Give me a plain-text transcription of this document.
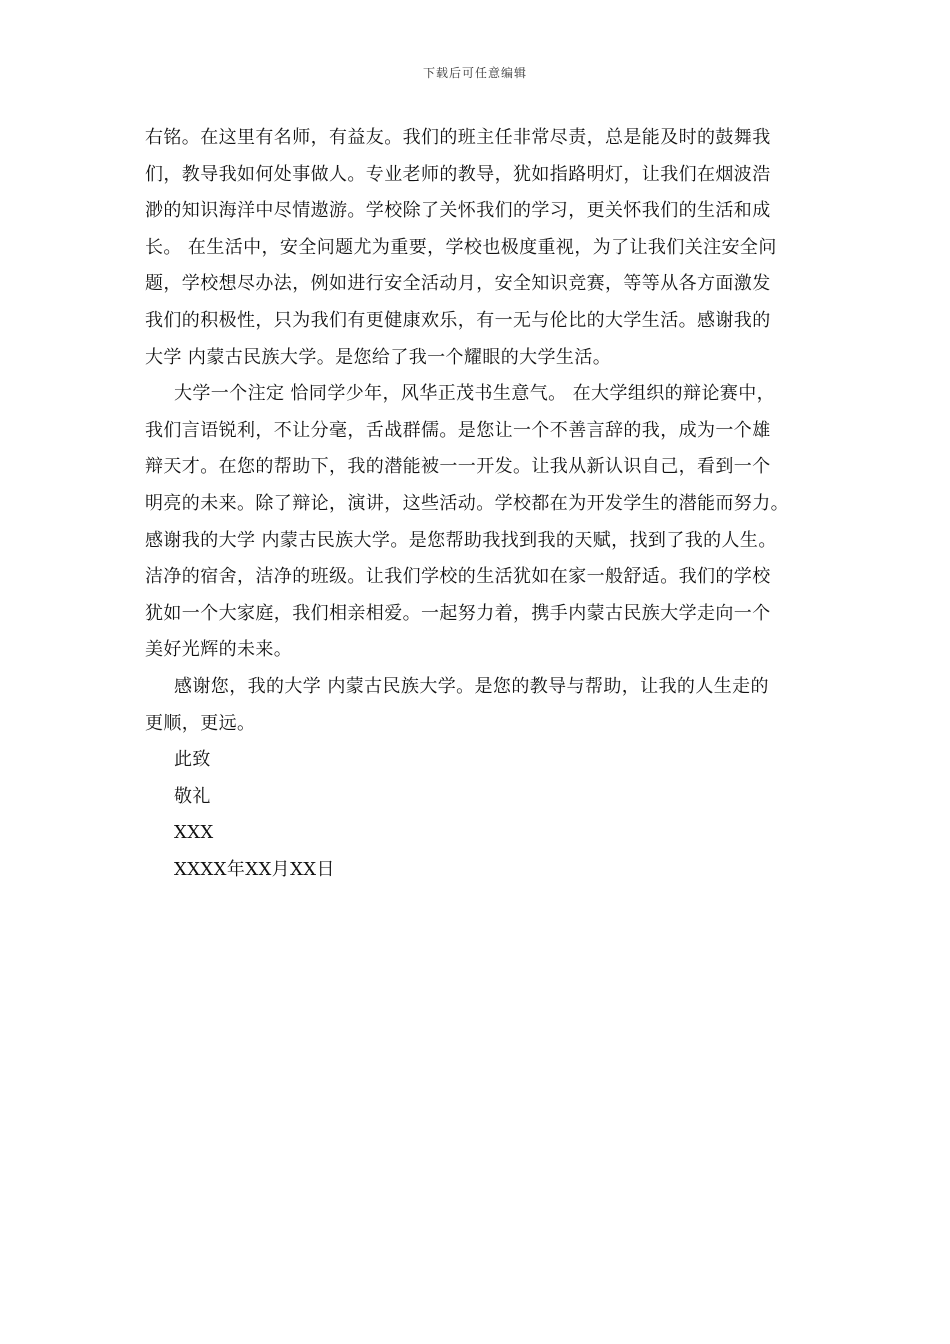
下载后可任意编辑
右铭。在这里有名师，有益友。我们的班主任非常尽责，总是能及时的鼓舞我
们，教导我如何处事做人。专业老师的教导，犹如指路明灯，让我们在烟波浩
渺的知识海洋中尽情遨游。学校除了关怀我们的学习，更关怀我们的生活和成
长。 在生活中，安全问题尤为重要，学校也极度重视，为了让我们关注安全问
题，学校想尽办法，例如进行安全活动月，安全知识竞赛，等等从各方面激发
我们的积极性，只为我们有更健康欢乐，有一无与伦比的大学生活。感谢我的
大学 内蒙古民族大学。是您给了我一个耀眼的大学生活。
大学一个注定 恰同学少年，风华正茂书生意气。 在大学组织的辩论赛中，
我们言语锐利，不让分毫，舌战群儒。是您让一个不善言辞的我，成为一个雄
辩天才。在您的帮助下，我的潜能被一一开发。让我从新认识自己，看到一个
明亮的未来。除了辩论，演讲，这些活动。学校都在为开发学生的潜能而努力。
感谢我的大学 内蒙古民族大学。是您帮助我找到我的天赋，找到了我的人生。
洁净的宿舍，洁净的班级。让我们学校的生活犹如在家一般舒适。我们的学校
犹如一个大家庭，我们相亲相爱。一起努力着，携手内蒙古民族大学走向一个
美好光辉的未来。
感谢您，我的大学 内蒙古民族大学。是您的教导与帮助，让我的人生走的
更顺，更远。
此致
敬礼
XXX
XXXX年XX月XX日
